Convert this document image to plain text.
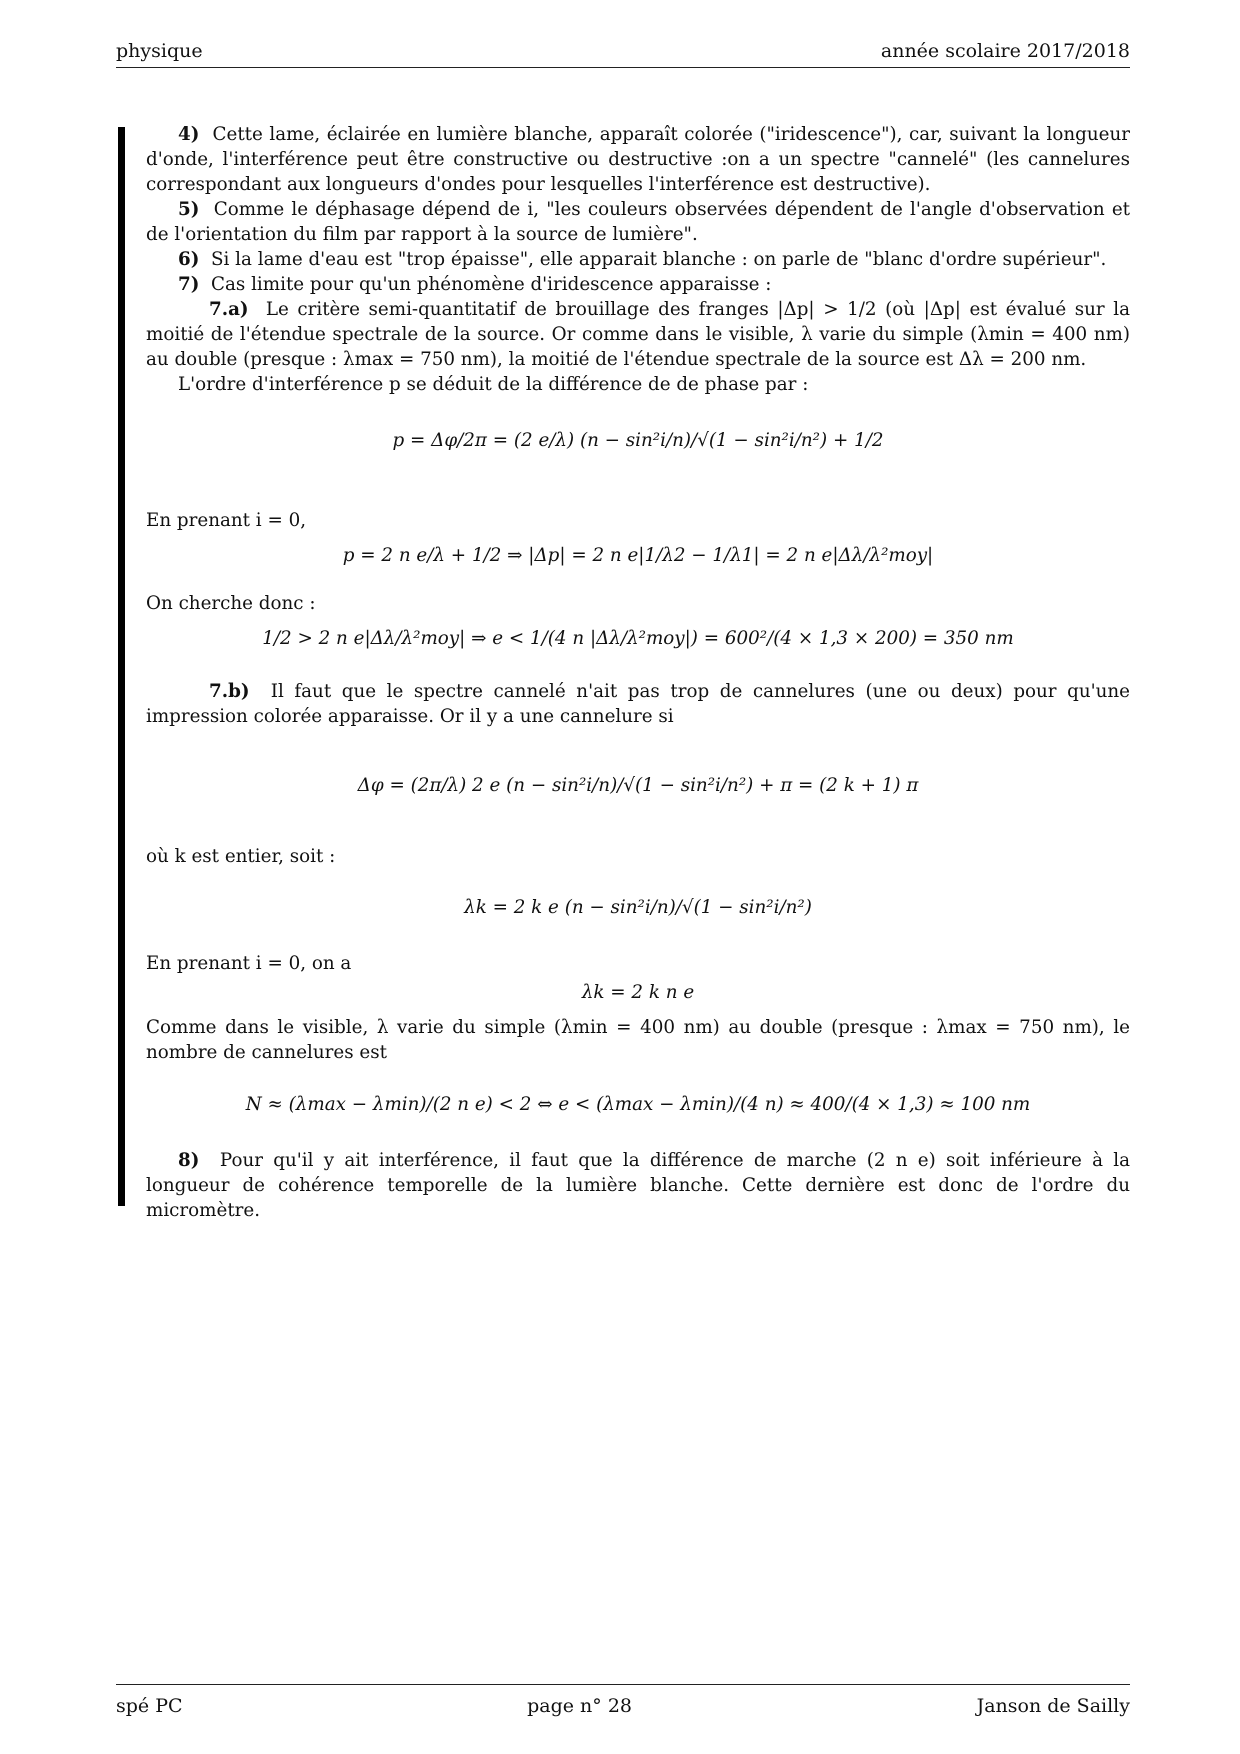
physique	année scolaire 2017/2018

4) Cette lame, éclairée en lumière blanche, apparaît colorée ("iridescence"), car, suivant la longueur d'onde, l'interférence peut être constructive ou destructive :on a un spectre "cannelé" (les cannelures correspondant aux longueurs d'ondes pour lesquelles l'interférence est destructive).

5) Comme le déphasage dépend de i, "les couleurs observées dépendent de l'angle d'observation et de l'orientation du film par rapport à la source de lumière".

6) Si la lame d'eau est "trop épaisse", elle apparait blanche : on parle de "blanc d'ordre supérieur".

7) Cas limite pour qu'un phénomène d'iridescence apparaisse :

7.a) Le critère semi-quantitatif de brouillage des franges |Δp| > 1/2 (où |Δp| est évalué sur la moitié de l'étendue spectrale de la source. Or comme dans le visible, λ varie du simple (λmin = 400 nm) au double (presque : λmax = 750 nm), la moitié de l'étendue spectrale de la source est Δλ = 200 nm.

L'ordre d'interférence p se déduit de la différence de de phase par :

p = Δφ/2π = (2 e/λ) (n − sin²i/n)/√(1 − sin²i/n²) + 1/2

En prenant i = 0,

p = 2 n e/λ + 1/2 ⇒ |Δp| = 2 n e|1/λ2 − 1/λ1| = 2 n e|Δλ/λ²moy|

On cherche donc :

1/2 > 2 n e|Δλ/λ²moy| ⇒ e < 1/(4 n |Δλ/λ²moy|) = 600²/(4 × 1,3 × 200) = 350 nm

7.b) Il faut que le spectre cannelé n'ait pas trop de cannelures (une ou deux) pour qu'une impression colorée apparaisse. Or il y a une cannelure si

Δφ = (2π/λ) 2 e (n − sin²i/n)/√(1 − sin²i/n²) + π = (2 k + 1) π

où k est entier, soit :

λk = 2 k e (n − sin²i/n)/√(1 − sin²i/n²)

En prenant i = 0, on a

λk = 2 k n e

Comme dans le visible, λ varie du simple (λmin = 400 nm) au double (presque : λmax = 750 nm), le nombre de cannelures est

N ≈ (λmax − λmin)/(2 n e) < 2 ⇔ e < (λmax − λmin)/(4 n) ≈ 400/(4 × 1,3) ≈ 100 nm

8) Pour qu'il y ait interférence, il faut que la différence de marche (2 n e) soit inférieure à la longueur de cohérence temporelle de la lumière blanche. Cette dernière est donc de l'ordre du micromètre.

spé PC	page n° 28	Janson de Sailly
